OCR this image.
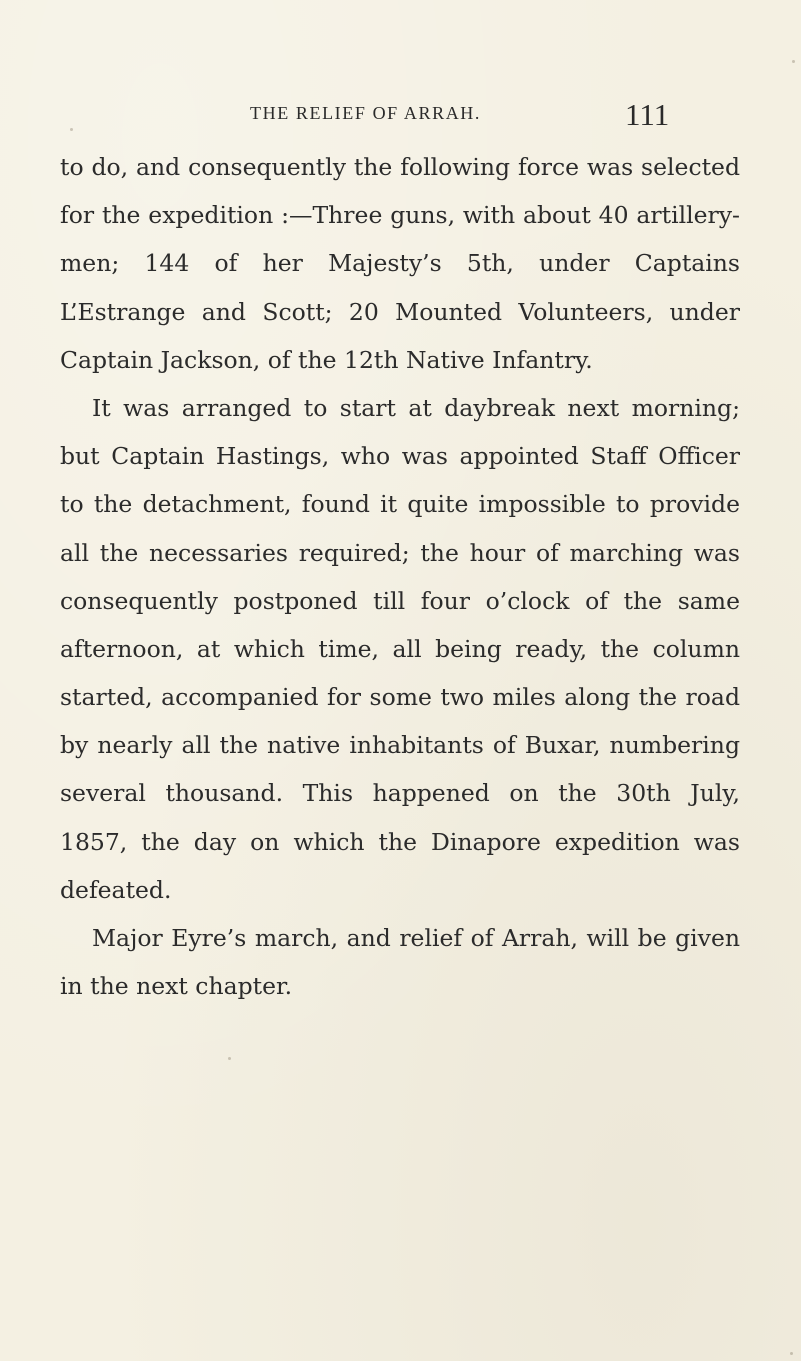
THE RELIEF OF ARRAH.	111
to do, and consequently the following force was selected
for the expedition :—Three guns, with about 40 artillery-
men; 144 of her Majesty’s 5th, under Captains
L’Estrange and Scott; 20 Mounted Volunteers, under
Captain Jackson, of the 12th Native Infantry.
It was arranged to start at daybreak next morning;
but Captain Hastings, who was appointed Staff Officer
to the detachment, found it quite impossible to provide
all the necessaries required; the hour of marching was
consequently postponed till four o’clock of the same
afternoon, at which time, all being ready, the column
started, accompanied for some two miles along the road
by nearly all the native inhabitants of Buxar, numbering
several thousand. This happened on the 30th July,
1857, the day on which the Dinapore expedition was
defeated.
Major Eyre’s march, and relief of Arrah, will be given
in the next chapter.
